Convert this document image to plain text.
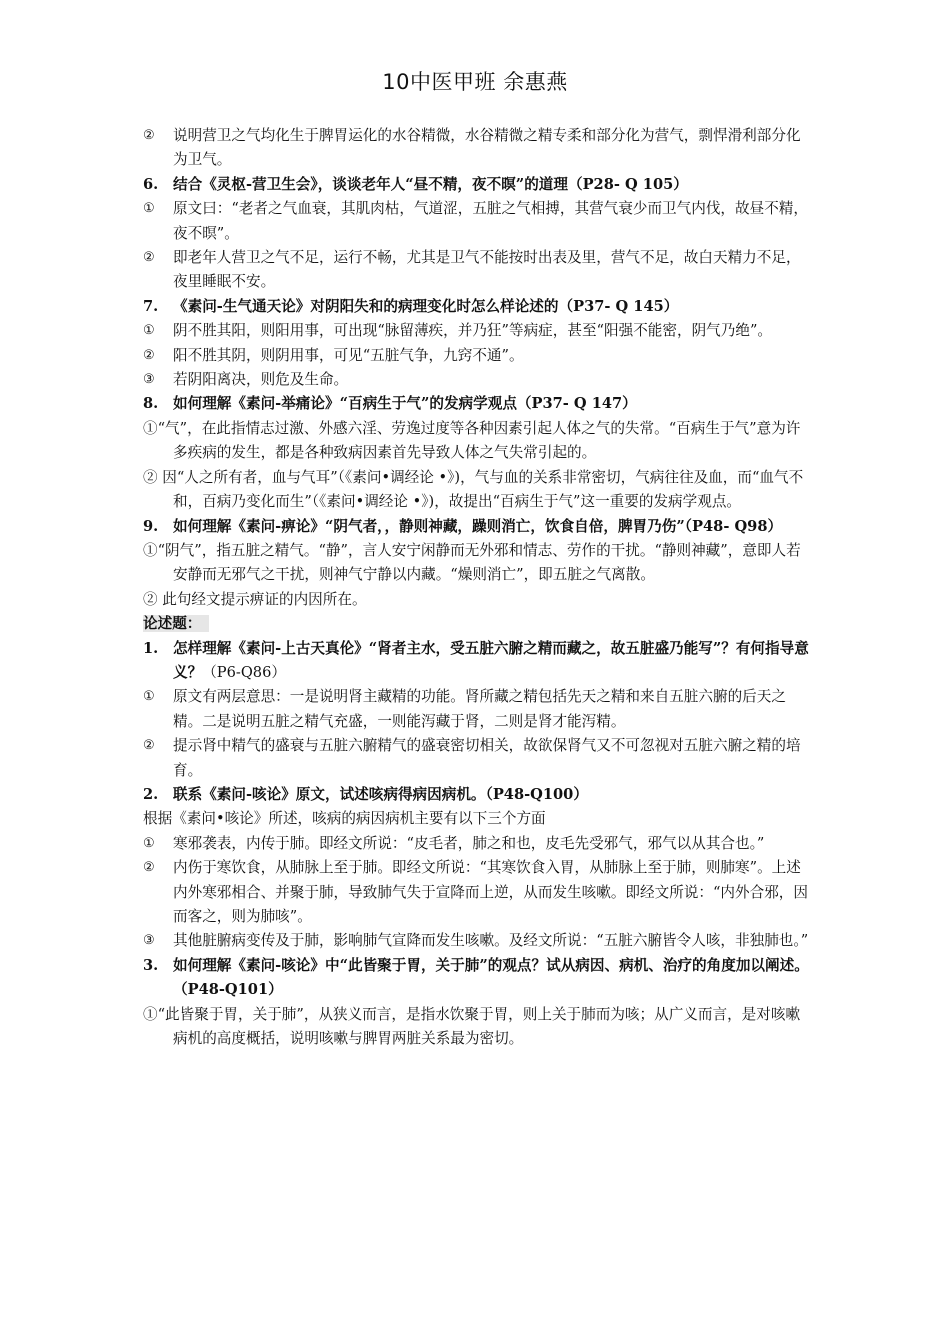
10中医甲班 余惠燕

② 说明营卫之气均化生于脾胃运化的水谷精微，水谷精微之精专柔和部分化为营气，剽悍滑利部分化为卫气。

6. 结合《灵枢-营卫生会》，谈谈老年人“昼不精，夜不暝”的道理（P28- Q 105）

① 原文曰：“老者之气血衰，其肌肉枯，气道涩，五脏之气相搏，其营气衰少而卫气内伐，故昼不精，夜不暝”。

② 即老年人营卫之气不足，运行不畅，尤其是卫气不能按时出表及里，营气不足，故白天精力不足，夜里睡眠不安。

7. 《素问-生气通天论》对阴阳失和的病理变化时怎么样论述的（P37- Q 145）

① 阴不胜其阳，则阳用事，可出现“脉留薄疾，并乃狂”等病症，甚至“阳强不能密，阴气乃绝”。

② 阳不胜其阴，则阴用事，可见“五脏气争，九窍不通”。

③ 若阴阳离决，则危及生命。

8. 如何理解《素问-举痛论》“百病生于气”的发病学观点（P37- Q 147）

①“气”，在此指情志过激、外感六淫、劳逸过度等各种因素引起人体之气的失常。“百病生于气”意为许多疾病的发生，都是各种致病因素首先导致人体之气失常引起的。

② 因“人之所有者，血与气耳”（《素问•调经论 •》)，气与血的关系非常密切，气病往往及血，而“血气不和，百病乃变化而生”（《素问•调经论 •》)，故提出“百病生于气”这一重要的发病学观点。

9. 如何理解《素问-痹论》“阴气者，，静则神藏，躁则消亡，饮食自倍，脾胃乃伤”（P48- Q98）

①“阴气”，指五脏之精气。“静”，言人安宁闲静而无外邪和情志、劳作的干扰。“静则神藏”，意即人若安静而无邪气之干扰，则神气宁静以内藏。“燥则消亡”，即五脏之气离散。

② 此句经文提示痹证的内因所在。

论述题：

1. 怎样理解《素问-上古天真伦》“肾者主水，受五脏六腑之精而藏之，故五脏盛乃能写”？有何指导意义？（P6-Q86）

① 原文有两层意思：一是说明肾主藏精的功能。肾所藏之精包括先天之精和来自五脏六腑的后天之精。二是说明五脏之精气充盛，一则能泻藏于肾，二则是肾才能泻精。

② 提示肾中精气的盛衰与五脏六腑精气的盛衰密切相关，故欲保肾气又不可忽视对五脏六腑之精的培育。

2. 联系《素问-咳论》原文，试述咳病得病因病机。（P48-Q100）

根据《素问•咳论》所述，咳病的病因病机主要有以下三个方面

① 寒邪袭表，内传于肺。即经文所说：“皮毛者，肺之和也，皮毛先受邪气，邪气以从其合也。”

② 内伤于寒饮食，从肺脉上至于肺。即经文所说：“其寒饮食入胃，从肺脉上至于肺，则肺寒”。上述内外寒邪相合、并聚于肺，导致肺气失于宣降而上逆，从而发生咳嗽。即经文所说：“内外合邪，因而客之，则为肺咳”。

③ 其他脏腑病变传及于肺，影响肺气宣降而发生咳嗽。及经文所说：“五脏六腑皆令人咳，非独肺也。”

3. 如何理解《素问-咳论》中“此皆聚于胃，关于肺”的观点？试从病因、病机、治疗的角度加以阐述。（P48-Q101）

①“此皆聚于胃，关于肺”，从狭义而言，是指水饮聚于胃，则上关于肺而为咳；从广义而言，是对咳嗽病机的高度概括，说明咳嗽与脾胃两脏关系最为密切。
